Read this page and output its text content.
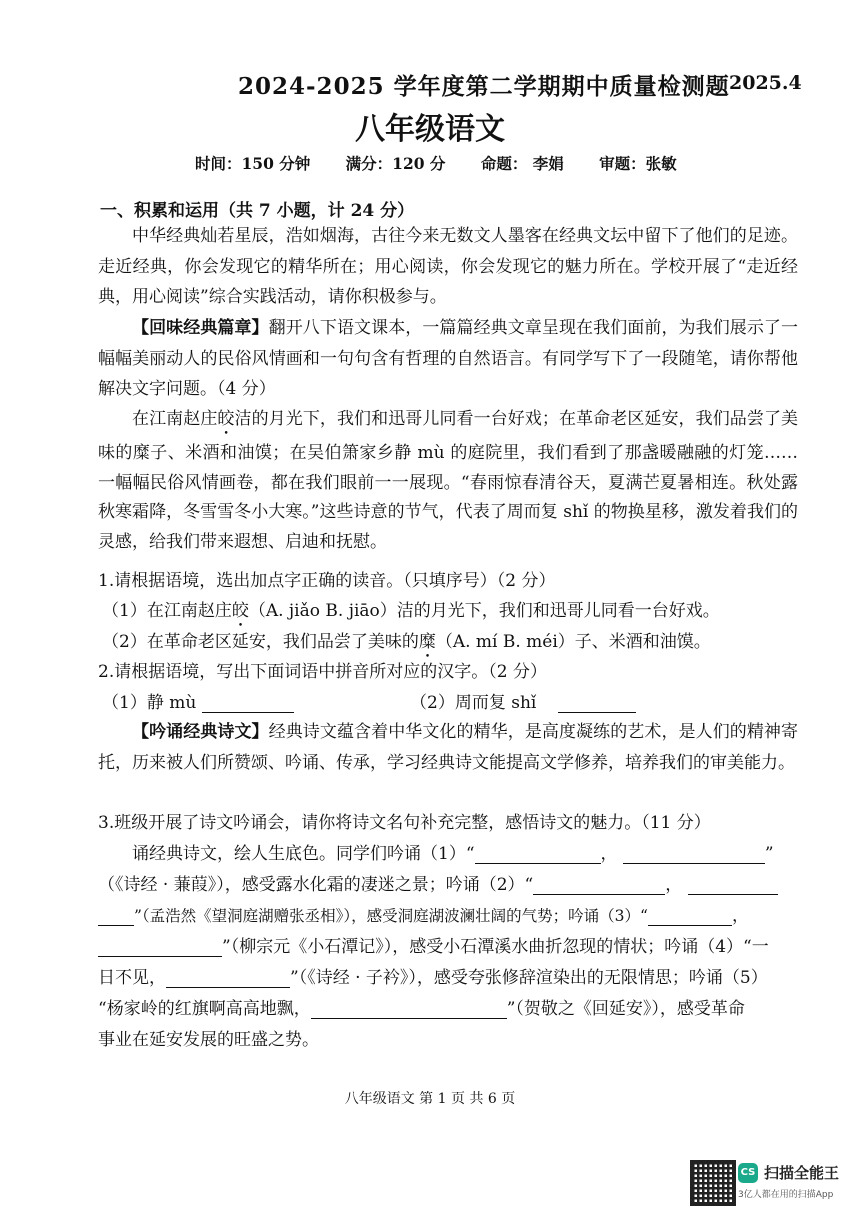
2024-2025 学年度第二学期期中质量检测题 2025.4
八年级语文
时间：150 分钟 满分：120 分 命题： 李娟 审题：张敏
一、积累和运用（共 7 小题，计 24 分）
中华经典灿若星辰，浩如烟海，古往今来无数文人墨客在经典文坛中留下了他们的足迹。走近经典，你会发现它的精华所在；用心阅读，你会发现它的魅力所在。学校开展了“走近经典，用心阅读”综合实践活动，请你积极参与。
【回味经典篇章】翻开八下语文课本，一篇篇经典文章呈现在我们面前，为我们展示了一幅幅美丽动人的民俗风情画和一句句含有哲理的自然语言。有同学写下了一段随笔，请你帮他解决文字问题。（4 分）
在江南赵庄皎洁的月光下，我们和迅哥儿同看一台好戏；在革命老区延安，我们品尝了美味的糜子、米酒和油馍；在吴伯箫家乡静 mù 的庭院里，我们看到了那盏暖融融的灯笼……一幅幅民俗风情画卷，都在我们眼前一一展现。“春雨惊春清谷天，夏满芒夏暑相连。秋处露秋寒霜降，冬雪雪冬小大寒。”这些诗意的节气，代表了周而复 shǐ 的物换星移，激发着我们的灵感，给我们带来遐想、启迪和抚慰。
1.请根据语境，选出加点字正确的读音。（只填序号）（2 分）
（1）在江南赵庄皎（A. jiǎo B. jiāo）洁的月光下，我们和迅哥儿同看一台好戏。
（2）在革命老区延安，我们品尝了美味的糜（A. mí B. méi）子、米酒和油馍。
2.请根据语境，写出下面词语中拼音所对应的汉字。（2 分）
（1）静 mù	（2）周而复 shǐ
【吟诵经典诗文】经典诗文蕴含着中华文化的精华，是高度凝练的艺术，是人们的精神寄托，历来被人们所赞颂、吟诵、传承，学习经典诗文能提高文学修养，培养我们的审美能力。
3.班级开展了诗文吟诵会，请你将诗文名句补充完整，感悟诗文的魅力。（11 分）
诵经典诗文，绘人生底色。同学们吟诵（1）“	，	”
（《诗经 · 蒹葭》），感受露水化霜的凄迷之景；吟诵（2）“	，
”（孟浩然《望洞庭湖赠张丞相》），感受洞庭湖波澜壮阔的气势；吟诵（3）“	，
”（柳宗元《小石潭记》），感受小石潭溪水曲折忽现的情状；吟诵（4）“一
日不见，	”（《诗经 · 子衿》），感受夸张修辞渲染出的无限情思；吟诵（5）
“杨家岭的红旗啊高高地飘，	”（贺敬之《回延安》），感受革命
事业在延安发展的旺盛之势。
八年级语文 第 1 页 共 6 页
CS 扫描全能王
3亿人都在用的扫描App
